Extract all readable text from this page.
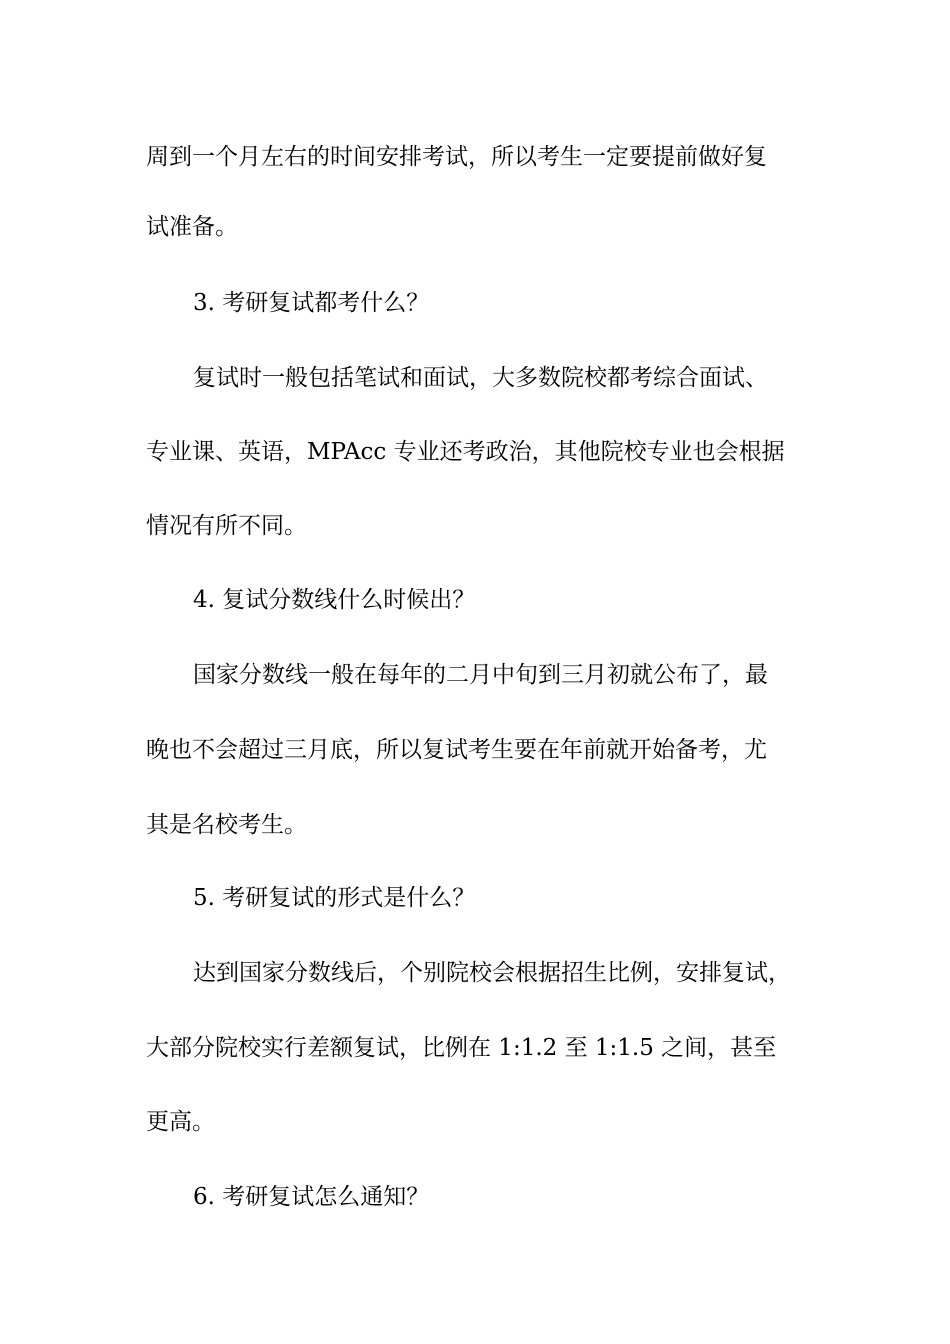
周到一个月左右的时间安排考试，所以考生一定要提前做好复
试准备。
3. 考研复试都考什么？
复试时一般包括笔试和面试，大多数院校都考综合面试、
专业课、英语，MPAcc 专业还考政治，其他院校专业也会根据
情况有所不同。
4. 复试分数线什么时候出？
国家分数线一般在每年的二月中旬到三月初就公布了，最
晚也不会超过三月底，所以复试考生要在年前就开始备考，尤
其是名校考生。
5. 考研复试的形式是什么？
达到国家分数线后，个别院校会根据招生比例，安排复试，
大部分院校实行差额复试，比例在 1:1.2 至 1:1.5 之间，甚至
更高。
6. 考研复试怎么通知？
